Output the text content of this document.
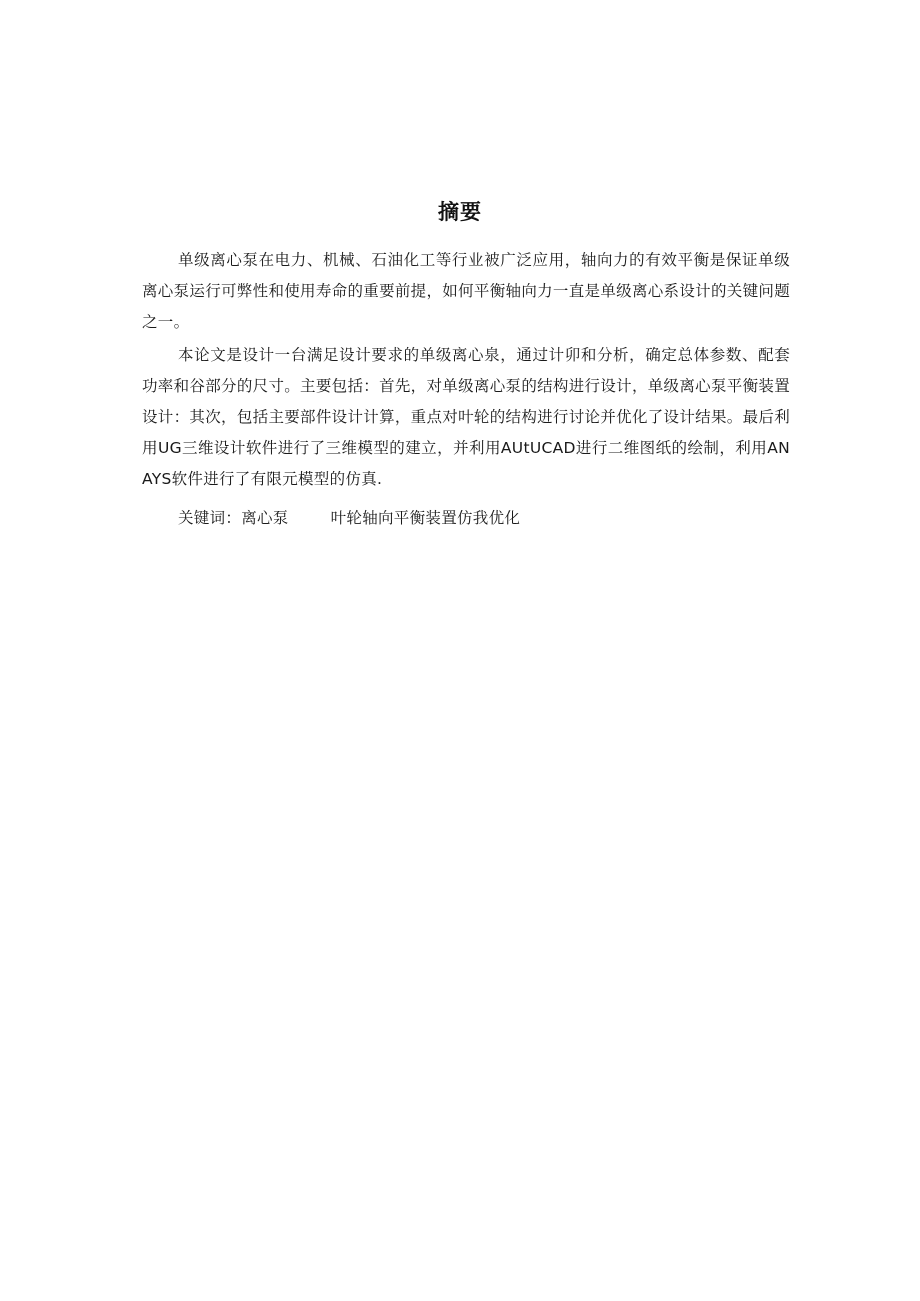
摘要

单级离心泵在电力、机械、石油化工等行业被广泛应用，轴向力的有效平衡是保证单级离心泵运行可弊性和使用寿命的重要前提，如何平衡轴向力一直是单级离心系设计的关键问题之一。

本论文是设计一台满足设计要求的单级离心泉，通过计卯和分析，确定总体参数、配套功率和谷部分的尺寸。主要包括：首先，对单级离心泵的结构进行设计，单级离心泵平衡装置设计：其次，包括主要部件设计计算，重点对叶轮的结构进行讨论并优化了设计结果。最后利用UG三维设计软件进行了三维模型的建立，并利用AUtUCAD进行二维图纸的绘制，利用ANAYS软件进行了有限元模型的仿真.

关键词：离心泵	叶轮轴向平衡装置仿我优化
